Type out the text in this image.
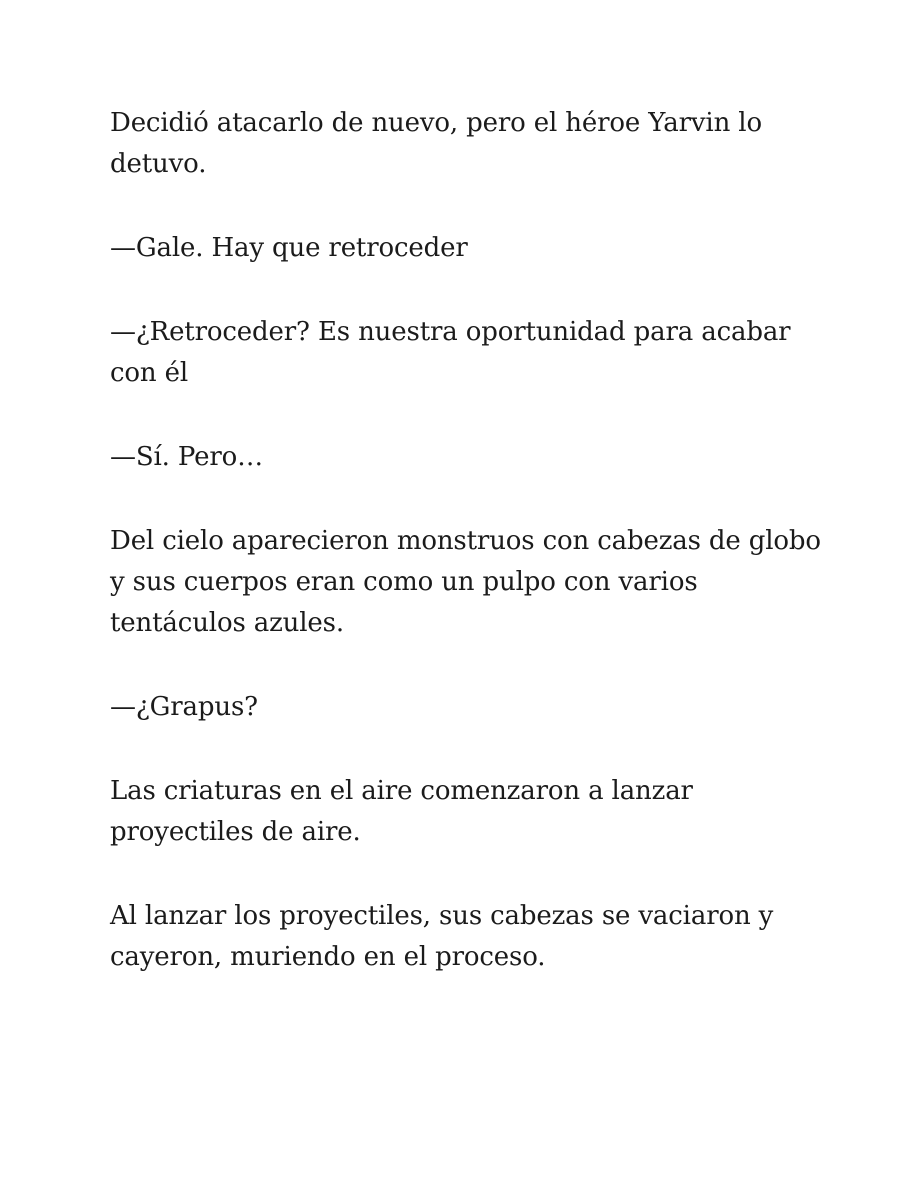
Decidió atacarlo de nuevo, pero el héroe Yarvin lo detuvo.

—Gale. Hay que retroceder

—¿Retroceder? Es nuestra oportunidad para acabar con él

—Sí. Pero…

Del cielo aparecieron monstruos con cabezas de globo y sus cuerpos eran como un pulpo con varios tentáculos azules.

—¿Grapus?

Las criaturas en el aire comenzaron a lanzar proyectiles de aire.

Al lanzar los proyectiles, sus cabezas se vaciaron y cayeron, muriendo en el proceso.
